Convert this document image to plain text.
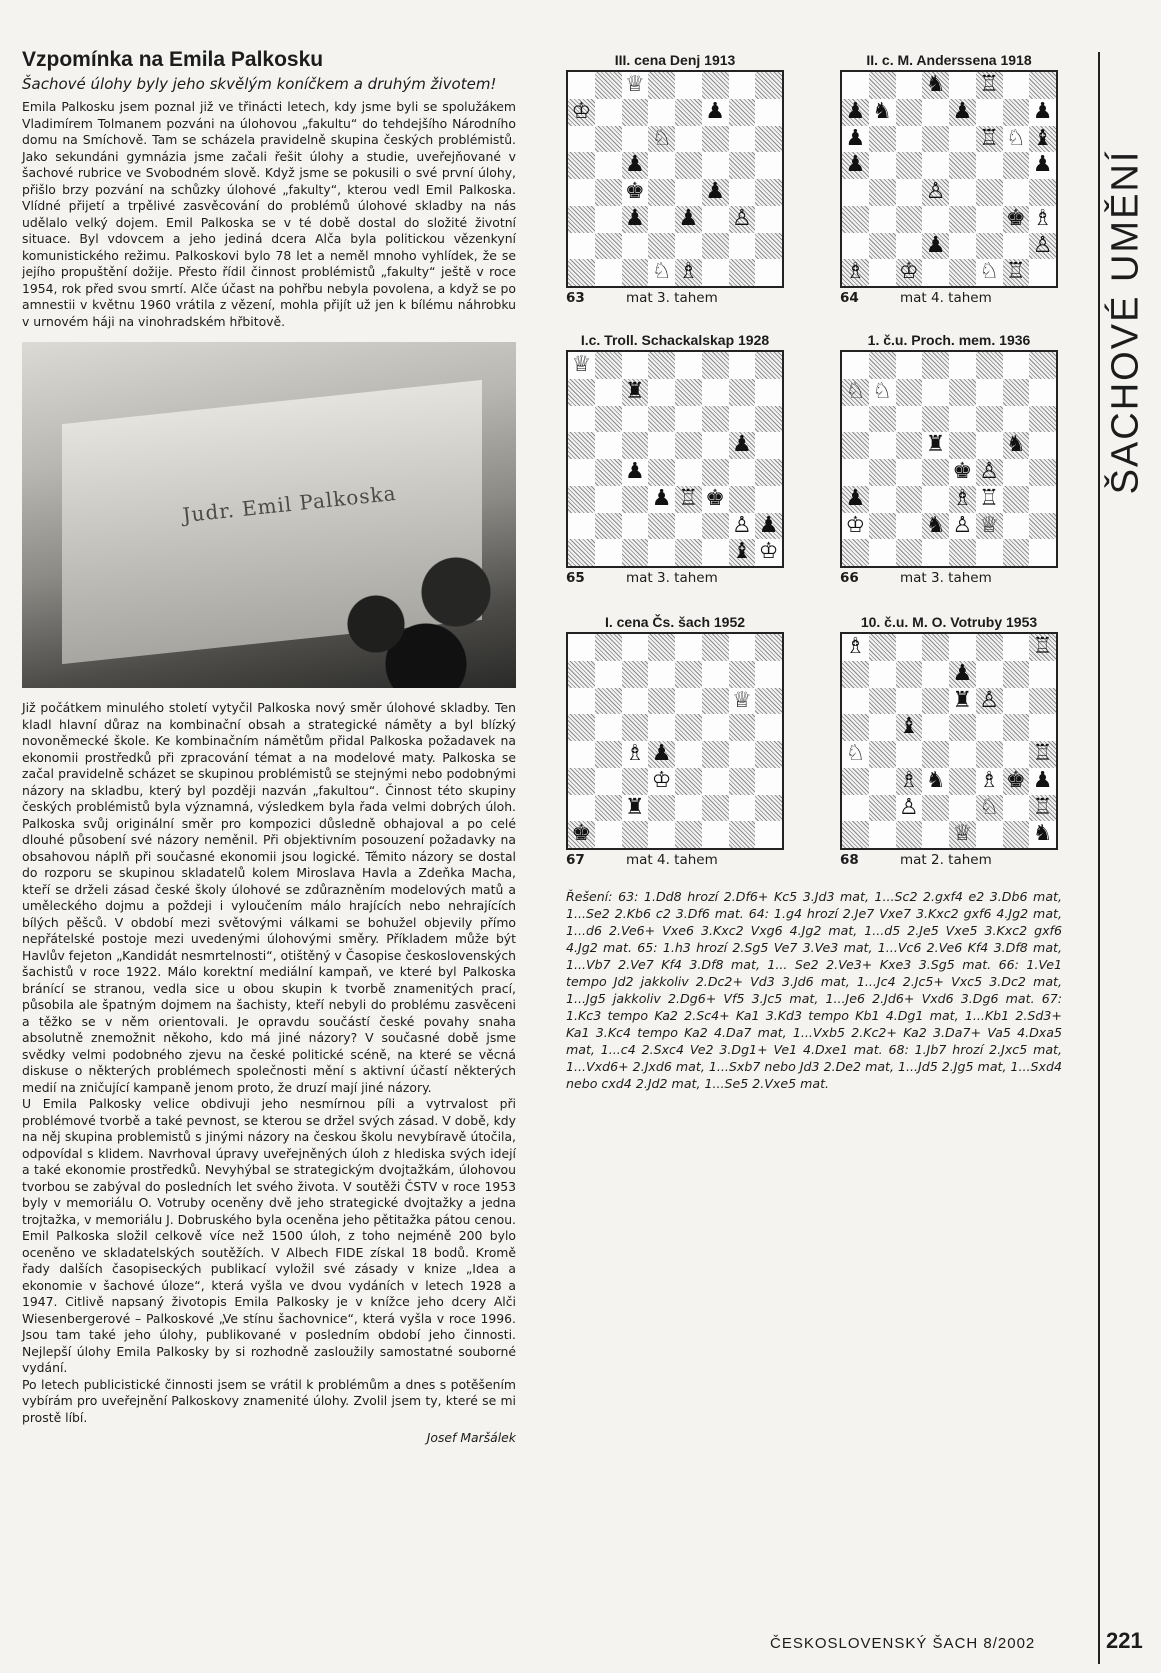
Vzpomínka na Emila Palkosku

Šachové úlohy byly jeho skvělým koníčkem a druhým životem!

Emila Palkosku jsem poznal již ve třinácti letech, kdy jsme byli se spolužákem Vladimírem Tolmanem pozváni na úlohovou „fakultu“ do tehdejšího Národního domu na Smíchově. Tam se scházela pravidelně skupina českých problémistů. Jako sekundáni gymnázia jsme začali řešit úlohy a studie, uveřejňované v šachové rubrice ve Svobodném slově. Když jsme se pokusili o své první úlohy, přišlo brzy pozvání na schůzky úlohové „fakulty“, kterou vedl Emil Palkoska. Vlídné přijetí a trpělivé zasvěcování do problémů úlohové skladby na nás udělalo velký dojem. Emil Palkoska se v té době dostal do složité životní situace. Byl vdovcem a jeho jediná dcera Alča byla politickou vězenkyní komunistického režimu. Palkoskovi bylo 78 let a neměl mnoho vyhlídek, že se jejího propuštění dožije. Přesto řídil činnost problémistů „fakulty“ ještě v roce 1954, rok před svou smrtí. Alče účast na pohřbu nebyla povolena, a když se po amnestii v květnu 1960 vrátila z vězení, mohla přijít už jen k bílému náhrobku v urnovém háji na vinohradském hřbitově.

Judr. Emil Palkoska

Již počátkem minulého století vytyčil Palkoska nový směr úlohové skladby. Ten kladl hlavní důraz na kombinační obsah a strategické náměty a byl blízký novoněmecké škole. Ke kombinačním námětům přidal Palkoska požadavek na ekonomii prostředků při zpracování témat a na modelové maty. Palkoska se začal pravidelně scházet se skupinou problémistů se stejnými nebo podobnými názory na skladbu, který byl později nazván „fakultou“. Činnost této skupiny českých problémistů byla významná, výsledkem byla řada velmi dobrých úloh. Palkoska svůj originální směr pro kompozici důsledně obhajoval a po celé dlouhé působení své názory neměnil. Při objektivním posouzení požadavky na obsahovou náplň při současné ekonomii jsou logické. Těmito názory se dostal do rozporu se skupinou skladatelů kolem Miroslava Havla a Zdeňka Macha, kteří se drželi zásad české školy úlohové se zdůrazněním modelových matů a uměleckého dojmu a poždeji i vyloučením málo hrajících nebo nehrajících bílých pěšců. V období mezi světovými válkami se bohužel objevily přímo nepřátelské postoje mezi uvedenými úlohovými směry. Příkladem může být Havlův fejeton „Kandidát nesmrtelnosti“, otištěný v Časopise československých šachistů v roce 1922. Málo korektní mediální kampaň, ve které byl Palkoska bránící se stranou, vedla sice u obou skupin k tvorbě znamenitých prací, působila ale špatným dojmem na šachisty, kteří nebyli do problému zasvěceni a těžko se v něm orientovali. Je opravdu součástí české povahy snaha absolutně znemožnit někoho, kdo má jiné názory? V současné době jsme svědky velmi podobného zjevu na české politické scéně, na které se věcná diskuse o některých problémech společnosti mění s aktivní účastí některých medií na zničující kampaně jenom proto, že druzí mají jiné názory.

U Emila Palkosky velice obdivuji jeho nesmírnou píli a vytrvalost při problémové tvorbě a také pevnost, se kterou se držel svých zásad. V době, kdy na něj skupina problemistů s jinými názory na českou školu nevybíravě útočila, odpovídal s klidem. Navrhoval úpravy uveřejněných úloh z hlediska svých idejí a také ekonomie prostředků. Nevyhýbal se strategickým dvojtažkám, úlohovou tvorbou se zabýval do posledních let svého života. V soutěži ČSTV v roce 1953 byly v memoriálu O. Votruby oceněny dvě jeho strategické dvojtažky a jedna trojtažka, v memoriálu J. Dobruského byla oceněna jeho pětitažka pátou cenou. Emil Palkoska složil celkově více než 1500 úloh, z toho nejméně 200 bylo oceněno ve skladatelských soutěžích. V Albech FIDE získal 18 bodů. Kromě řady dalších časopiseckých publikací vyložil své zásady v knize „Idea a ekonomie v šachové úloze“, která vyšla ve dvou vydáních v letech 1928 a 1947. Citlivě napsaný životopis Emila Palkosky je v knížce jeho dcery Alči Wiesenbergerové – Palkoskové „Ve stínu šachovnice“, která vyšla v roce 1996. Jsou tam také jeho úlohy, publikované v posledním období jeho činnosti. Nejlepší úlohy Emila Palkosky by si rozhodně zasloužily samostatné souborné vydání.

Po letech publicistické činnosti jsem se vrátil k problémům a dnes s potěšením vybírám pro uveřejnění Palkoskovy znamenité úlohy. Zvolil jsem ty, které se mi prostě líbí.

Josef Maršálek
III. cena Denj 1913
♕
♔	♟
♘
♟
♚	♟
♟ ♟ ♙
♘ ♗
63	mat 3. tahem
II. c. M. Anderssena 1918
♞ ♖
♟ ♞	♟	♟
♟	♖ ♘ ♝
♟	♟
♙
♚ ♗
♟	♙
♗ ♔	♘ ♖
64	mat 4. tahem
I.c. Troll. Schackalskap 1928
♕
♜
♟
♟
♟ ♖ ♚
♙ ♟
♝ ♔
65	mat 3. tahem
1. č.u. Proch. mem. 1936
♘ ♘
♜	♞
♚ ♙
♟	♗ ♖
♔	♞ ♙ ♕
66	mat 3. tahem
I. cena Čs. šach 1952
♕
♗ ♟
♔
♜
♚
67	mat 4. tahem
10. č.u. M. O. Votruby 1953
♗	♖
♟
♜ ♙
♝
♘	♖
♗ ♞ ♗ ♚ ♟
♙	♘ ♖
♕	♞
68	mat 2. tahem
Řešení: 63: 1.Dd8 hrozí 2.Df6+ Kc5 3.Jd3 mat, 1...Sc2 2.gxf4 e2 3.Db6 mat, 1...Se2 2.Kb6 c2 3.Df6 mat. 64: 1.g4 hrozí 2.Je7 Vxe7 3.Kxc2 gxf6 4.Jg2 mat, 1...d6 2.Ve6+ Vxe6 3.Kxc2 Vxg6 4.Jg2 mat, 1...d5 2.Je5 Vxe5 3.Kxc2 gxf6 4.Jg2 mat. 65: 1.h3 hrozí 2.Sg5 Ve7 3.Ve3 mat, 1...Vc6 2.Ve6 Kf4 3.Df8 mat, 1...Vb7 2.Ve7 Kf4 3.Df8 mat, 1... Se2 2.Ve3+ Kxe3 3.Sg5 mat. 66: 1.Ve1 tempo Jd2 jakkoliv 2.Dc2+ Vd3 3.Jd6 mat, 1...Jc4 2.Jc5+ Vxc5 3.Dc2 mat, 1...Jg5 jakkoliv 2.Dg6+ Vf5 3.Jc5 mat, 1...Je6 2.Jd6+ Vxd6 3.Dg6 mat. 67: 1.Kc3 tempo Ka2 2.Sc4+ Ka1 3.Kd3 tempo Kb1 4.Dg1 mat, 1...Kb1 2.Sd3+ Ka1 3.Kc4 tempo Ka2 4.Da7 mat, 1...Vxb5 2.Kc2+ Ka2 3.Da7+ Va5 4.Dxa5 mat, 1...c4 2.Sxc4 Ve2 3.Dg1+ Ve1 4.Dxe1 mat. 68: 1.Jb7 hrozí 2.Jxc5 mat, 1...Vxd6+ 2.Jxd6 mat, 1...Sxb7 nebo Jd3 2.De2 mat, 1...Jd5 2.Jg5 mat, 1...Sxd4 nebo cxd4 2.Jd2 mat, 1...Se5 2.Vxe5 mat.
ŠACHOVÉ UMĚNÍ
ČESKOSLOVENSKÝ ŠACH 8/2002	221
